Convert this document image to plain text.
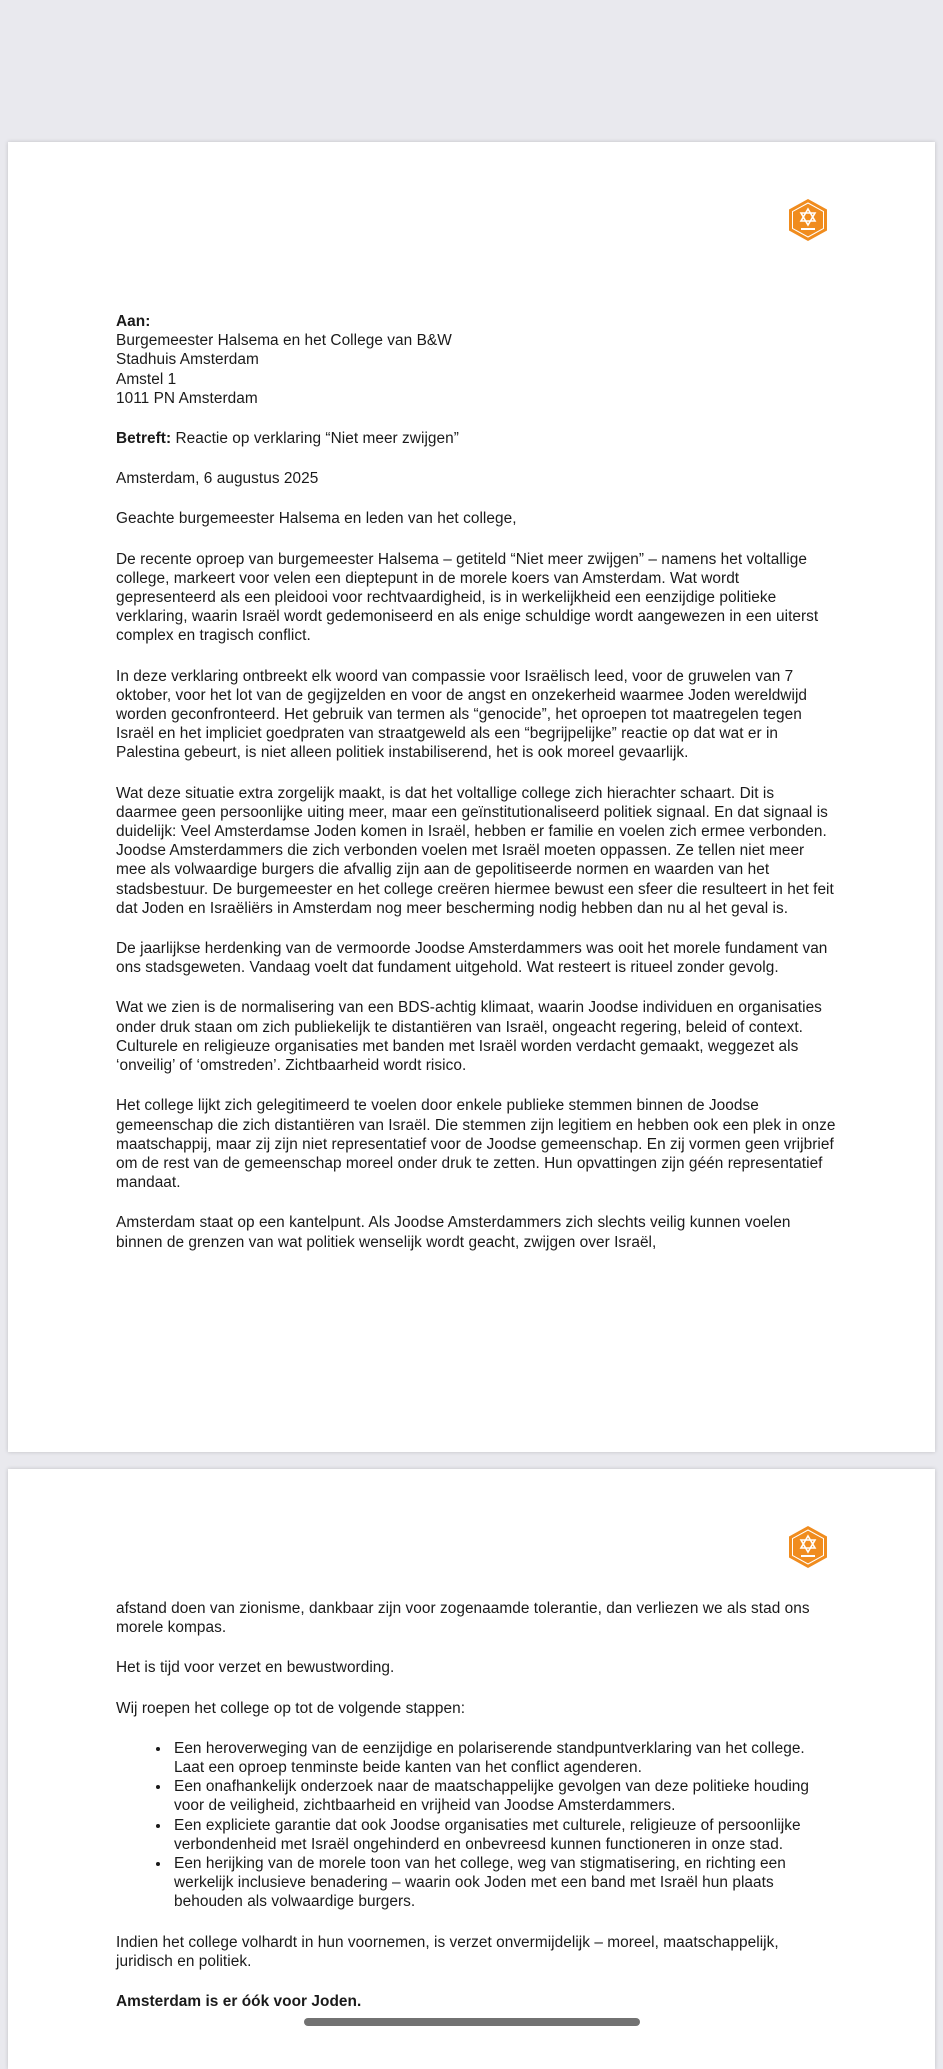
Aan:

Burgemeester Halsema en het College van B&W

Stadhuis Amsterdam

Amstel 1

1011 PN Amsterdam

Betreft: Reactie op verklaring “Niet meer zwijgen”

Amsterdam, 6 augustus 2025

Geachte burgemeester Halsema en leden van het college,

De recente oproep van burgemeester Halsema – getiteld “Niet meer zwijgen” – namens het voltallige college, markeert voor velen een dieptepunt in de morele koers van Amsterdam. Wat wordt gepresenteerd als een pleidooi voor rechtvaardigheid, is in werkelijkheid een eenzijdige politieke verklaring, waarin Israël wordt gedemoniseerd en als enige schuldige wordt aangewezen in een uiterst complex en tragisch conflict.

In deze verklaring ontbreekt elk woord van compassie voor Israëlisch leed, voor de gruwelen van 7 oktober, voor het lot van de gegijzelden en voor de angst en onzekerheid waarmee Joden wereldwijd worden geconfronteerd. Het gebruik van termen als “genocide”, het oproepen tot maatregelen tegen Israël en het impliciet goedpraten van straatgeweld als een “begrijpelijke” reactie op dat wat er in Palestina gebeurt, is niet alleen politiek instabiliserend, het is ook moreel gevaarlijk.

Wat deze situatie extra zorgelijk maakt, is dat het voltallige college zich hierachter schaart. Dit is daarmee geen persoonlijke uiting meer, maar een geïnstitutionaliseerd politiek signaal. En dat signaal is duidelijk: Veel Amsterdamse Joden komen in Israël, hebben er familie en voelen zich ermee verbonden. Joodse Amsterdammers die zich verbonden voelen met Israël moeten oppassen. Ze tellen niet meer mee als volwaardige burgers die afvallig zijn aan de gepolitiseerde normen en waarden van het stadsbestuur. De burgemeester en het college creëren hiermee bewust een sfeer die resulteert in het feit dat Joden en Israëliërs in Amsterdam nog meer bescherming nodig hebben dan nu al het geval is.

De jaarlijkse herdenking van de vermoorde Joodse Amsterdammers was ooit het morele fundament van ons stadsgeweten. Vandaag voelt dat fundament uitgehold. Wat resteert is ritueel zonder gevolg.

Wat we zien is de normalisering van een BDS-achtig klimaat, waarin Joodse individuen en organisaties onder druk staan om zich publiekelijk te distantiëren van Israël, ongeacht regering, beleid of context. Culturele en religieuze organisaties met banden met Israël worden verdacht gemaakt, weggezet als ‘onveilig’ of ‘omstreden’. Zichtbaarheid wordt risico.

Het college lijkt zich gelegitimeerd te voelen door enkele publieke stemmen binnen de Joodse gemeenschap die zich distantiëren van Israël. Die stemmen zijn legitiem en hebben ook een plek in onze maatschappij, maar zij zijn niet representatief voor de Joodse gemeenschap. En zij vormen geen vrijbrief om de rest van de gemeenschap moreel onder druk te zetten. Hun opvattingen zijn géén representatief mandaat.

Amsterdam staat op een kantelpunt. Als Joodse Amsterdammers zich slechts veilig kunnen voelen binnen de grenzen van wat politiek wenselijk wordt geacht, zwijgen over Israël,

afstand doen van zionisme, dankbaar zijn voor zogenaamde tolerantie, dan verliezen we als stad ons morele kompas.

Het is tijd voor verzet en bewustwording.

Wij roepen het college op tot de volgende stappen:

• Een heroverweging van de eenzijdige en polariserende standpuntverklaring van het college. Laat een oproep tenminste beide kanten van het conflict agenderen.
• Een onafhankelijk onderzoek naar de maatschappelijke gevolgen van deze politieke houding voor de veiligheid, zichtbaarheid en vrijheid van Joodse Amsterdammers.
• Een expliciete garantie dat ook Joodse organisaties met culturele, religieuze of persoonlijke verbondenheid met Israël ongehinderd en onbevreesd kunnen functioneren in onze stad.
• Een herijking van de morele toon van het college, weg van stigmatisering, en richting een werkelijk inclusieve benadering – waarin ook Joden met een band met Israël hun plaats behouden als volwaardige burgers.

Indien het college volhardt in hun voornemen, is verzet onvermijdelijk – moreel, maatschappelijk, juridisch en politiek.

Amsterdam is er óók voor Joden.
